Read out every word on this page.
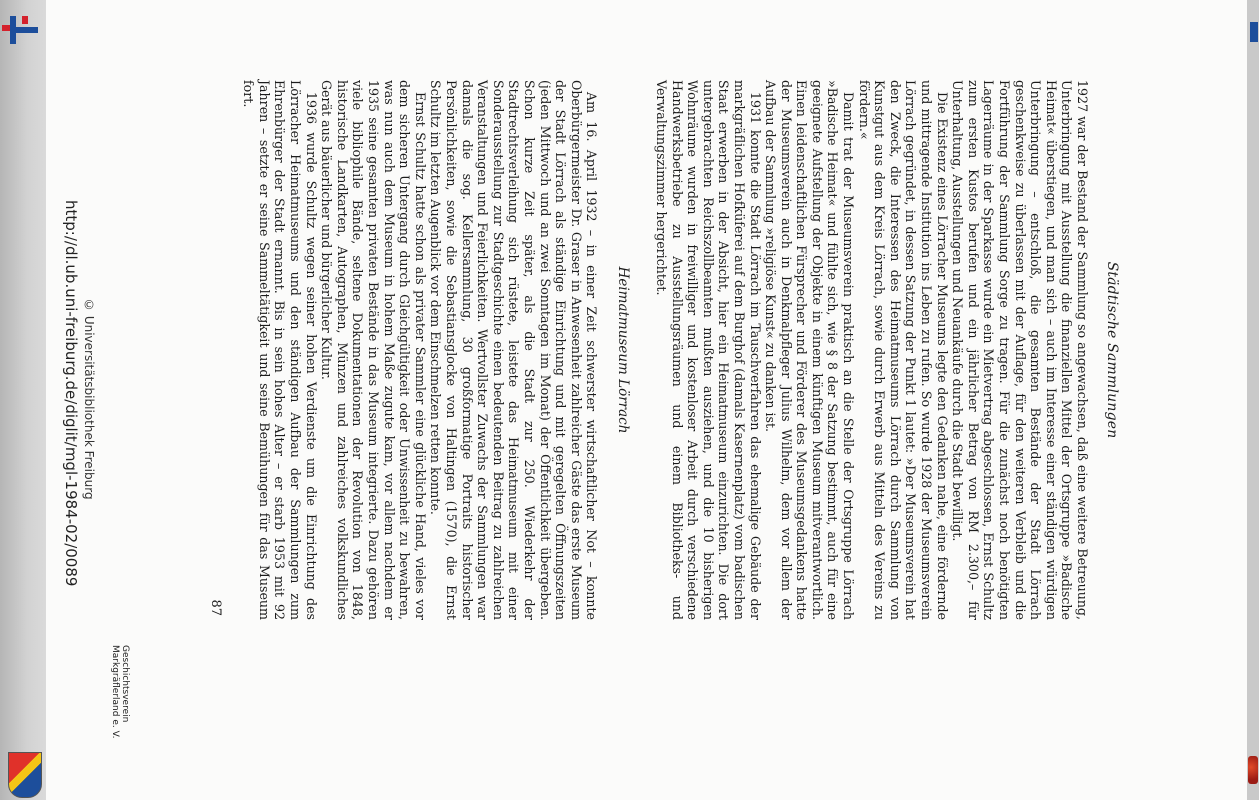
http://dl.ub.uni-freiburg.de/diglit/mgl-1984-02/0089 © Universitätsbibliothek Freiburg
Geschichtsverein
Markgräflerland e. V.
Städtische Sammlungen

1927 war der Bestand der Sammlung so angewachsen, daß eine weitere Betreuung, Unterbringung mit Ausstellung die finanziellen Mittel der Ortsgruppe »Badische Heimat« überstiegen, und man sich – auch im Interesse einer ständigen würdigen Unterbringung – entschloß, die gesamten Bestände der Stadt Lörrach geschenkweise zu überlassen mit der Auflage, für den weiteren Verbleib und die Fortführung der Sammlung Sorge zu tragen. Für die zunächst noch benötigten Lagerräume in der Sparkasse wurde ein Mietvertrag abgeschlossen, Ernst Schultz zum ersten Kustos berufen und ein jährlicher Betrag von RM 2.300,– für Unterhaltung, Ausstellungen und Neuankäufe durch die Stadt bewilligt.

Die Existenz eines Lörracher Museums legte den Gedanken nahe, eine fördernde und mittragende Institution ins Leben zu rufen. So wurde 1928 der Museumsverein Lörrach gegründet, in dessen Satzung der Punkt 1 lautet: »Der Museumsverein hat den Zweck, die Interessen des Heimatmuseums Lörrach durch Sammlung von Kunstgut aus dem Kreis Lörrach, sowie durch Erwerb aus Mitteln des Vereins zu fördern.«

Damit trat der Museumsverein praktisch an die Stelle der Ortsgruppe Lörrach »Badische Heimat« und fühlte sich, wie § 8 der Satzung bestimmt, auch für eine geeignete Aufstellung der Objekte in einem künftigen Museum mitverantwortlich. Einen leidenschaftlichen Fürsprecher und Förderer des Museumsgedankens hatte der Museumsverein auch in Denkmalpfleger Julius Wilhelm, dem vor allem der Aufbau der Sammlung »religiöse Kunst« zu danken ist.

1931 konnte die Stadt Lörrach im Tauschverfahren das ehemalige Gebäude der markgräflichen Hofküferei auf dem Burghof (damals Kasernenplatz) vom badischen Staat erwerben in der Absicht, hier ein Heimatmuseum einzurichten. Die dort untergebrachten Reichszollbeamten mußten ausziehen, und die 10 bisherigen Wohnräume wurden in freiwilliger und kostenloser Arbeit durch verschiedene Handwerksbetriebe zu Ausstellungsräumen und einem Bibliotheks- und Verwaltungszimmer hergerichtet.

Heimatmuseum Lörrach

Am 16. April 1932 – in einer Zeit schwerster wirtschaftlicher Not – konnte Oberbürgermeister Dr. Graser in Anwesenheit zahlreicher Gäste das erste Museum der Stadt Lörrach als ständige Einrichtung und mit geregelten Öffnungszeiten (jeden Mittwoch und an zwei Sonntagen im Monat) der Öffentlichkeit übergeben. Schon kurze Zeit später, als die Stadt zur 250. Wiederkehr der Stadtrechtsverleihung sich rüstete, leistete das Heimatmuseum mit einer Sonderausstellung zur Stadtgeschichte einen bedeutenden Beitrag zu zahlreichen Veranstaltungen und Feierlichkeiten. Wertvollster Zuwachs der Sammlungen war damals die sog. Kellersammlung, 30 großformatige Portraits historischer Persönlichkeiten, sowie die Sebastiansglocke von Haltingen (1570), die Ernst Schultz im letzten Augenblick vor dem Einschmelzen retten konnte.

Ernst Schultz hatte schon als privater Sammler eine glückliche Hand, vieles vor dem sicheren Untergang durch Gleichgültigkeit oder Unwissenheit zu bewahren, was nun auch dem Museum in hohem Maße zugute kam, vor allem nachdem er 1935 seine gesamten privaten Bestände in das Museum integrierte. Dazu gehören viele bibliophile Bände, seltene Dokumentationen der Revolution von 1848, historische Landkarten, Autographen, Münzen und zahlreiches volkskundliches Gerät aus bäuerlicher und bürgerlicher Kultur.

1936 wurde Schultz wegen seiner hohen Verdienste um die Einrichtung des Lörracher Heimatmuseums und den ständigen Aufbau der Sammlungen zum Ehrenbürger der Stadt ernannt. Bis in sein hohes Alter – er starb 1953 mit 92 Jahren – setzte er seine Sammeltätigkeit und seine Bemühungen für das Museum fort.

87
